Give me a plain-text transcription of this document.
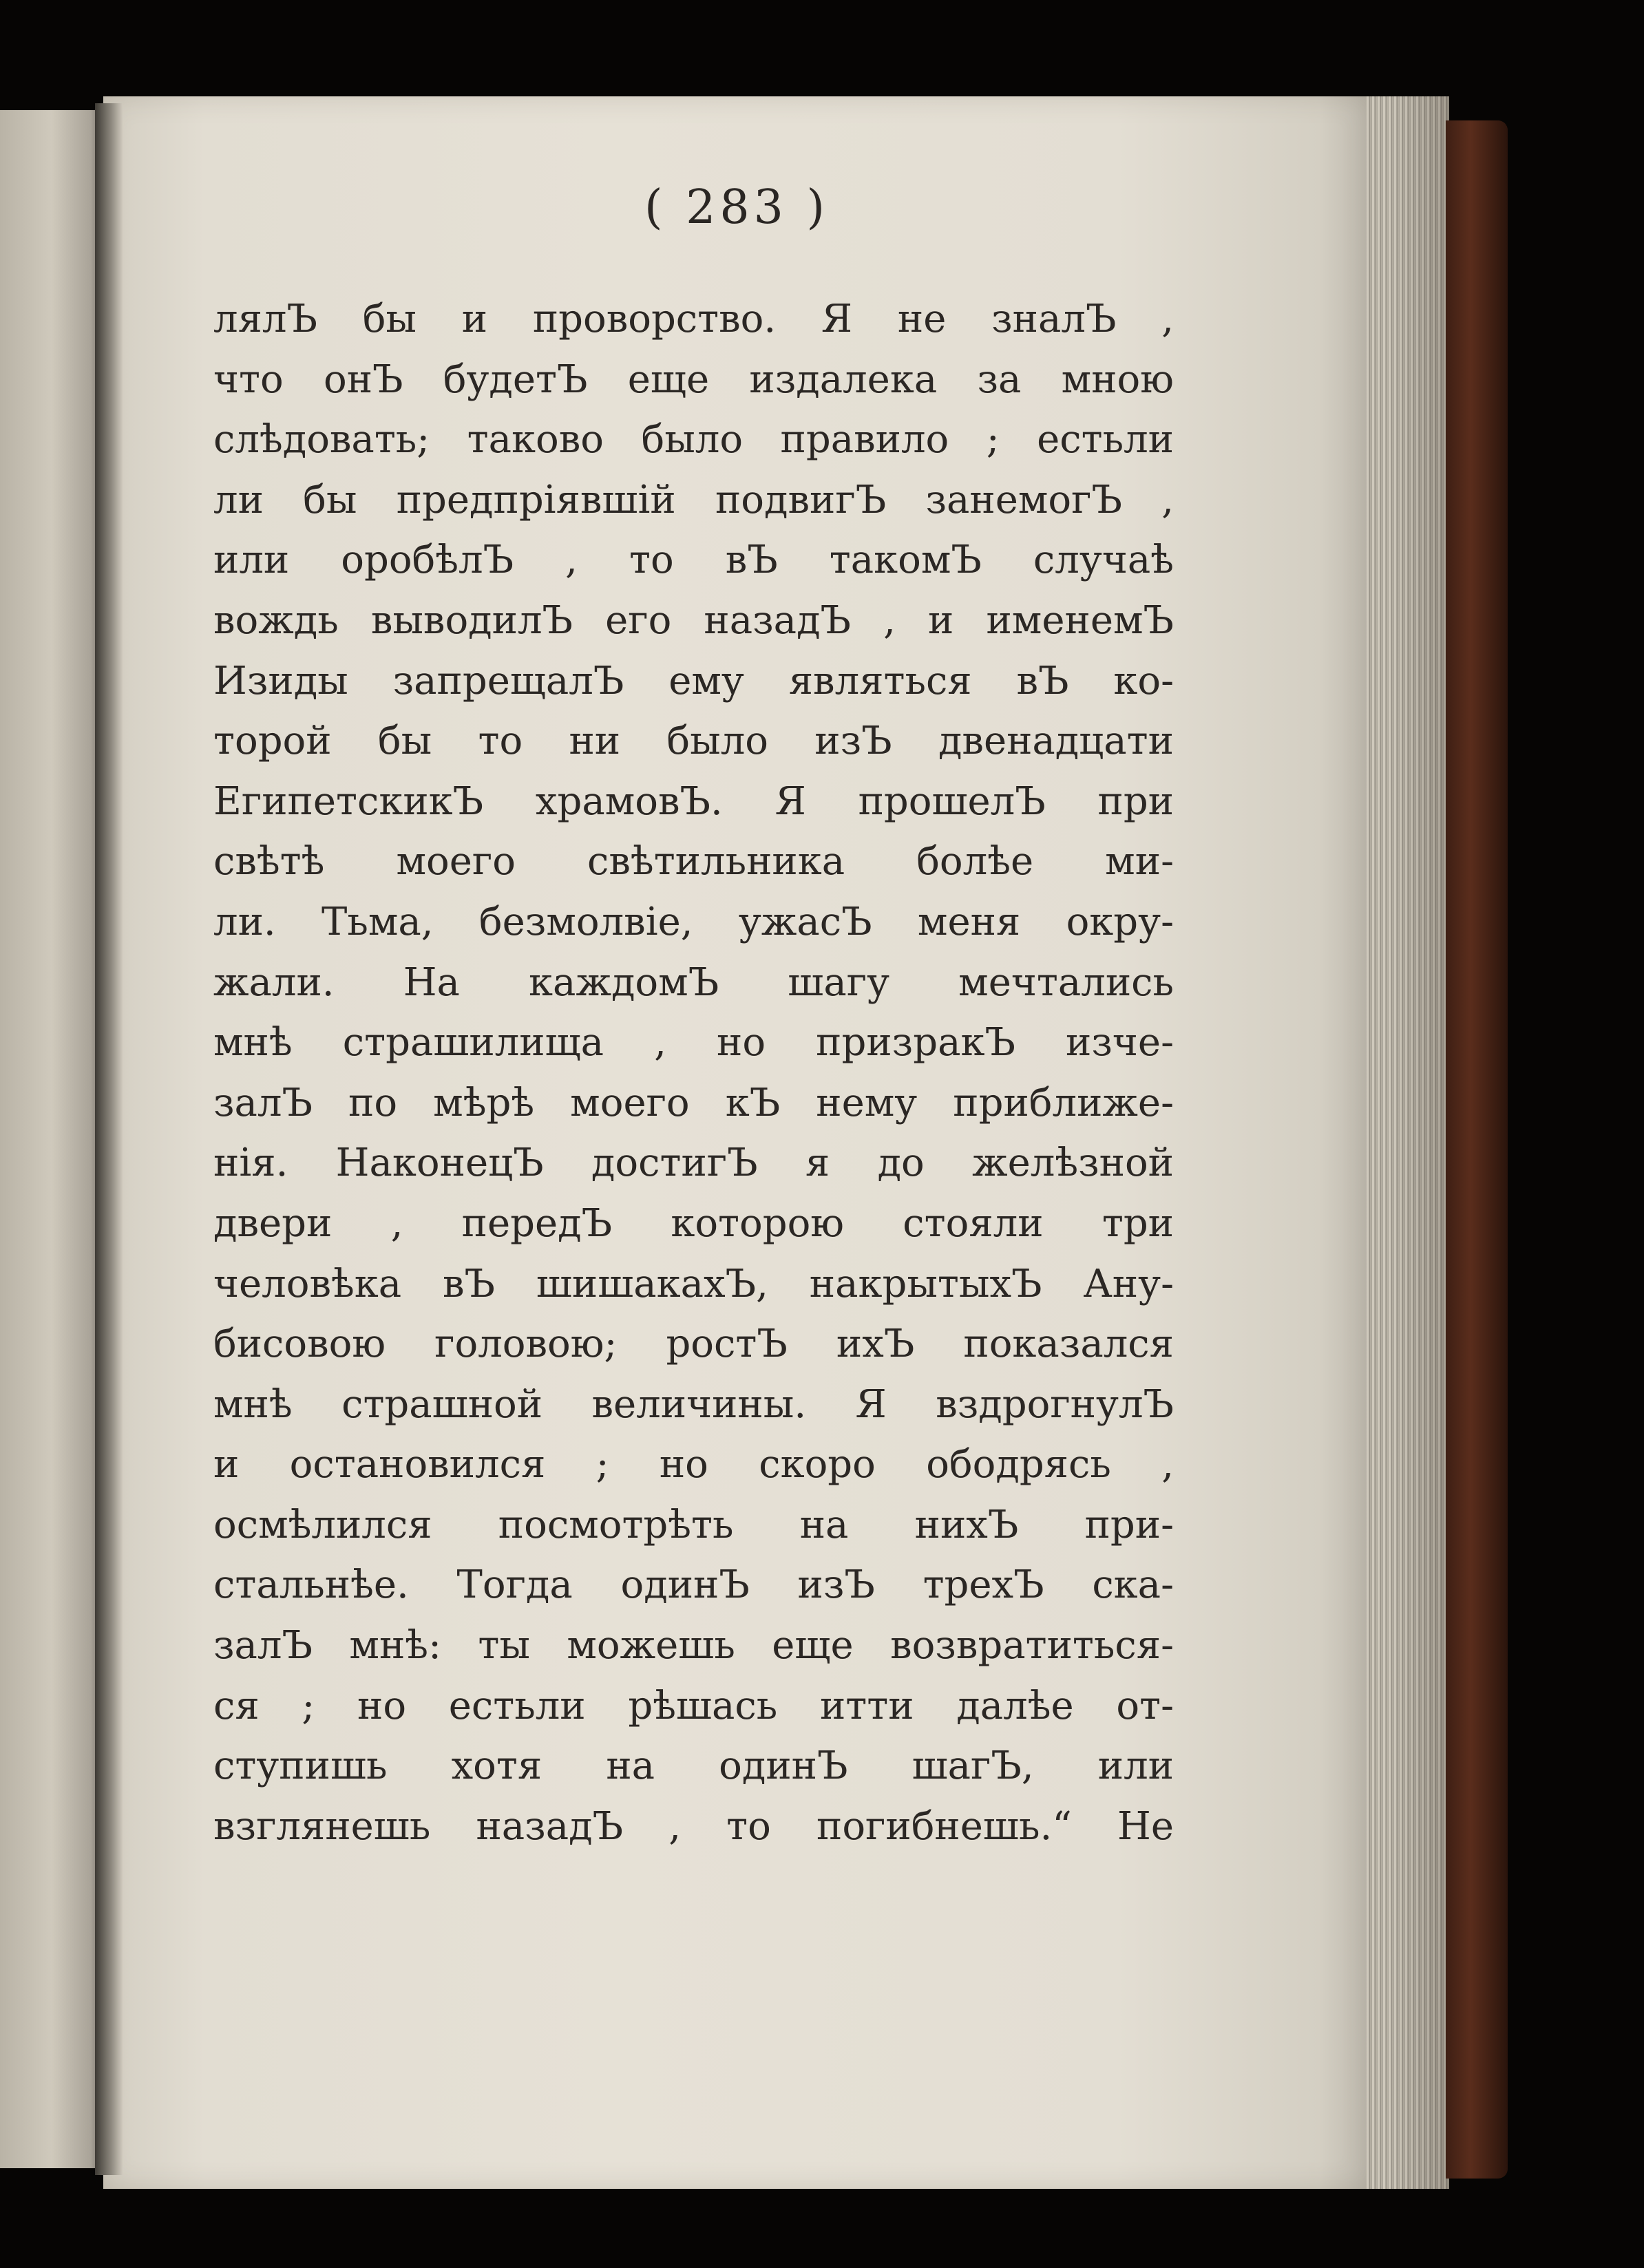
( 283 )
лялЪ бы и проворство. Я не зналЪ ,
что онЪ будетЪ еще издалека за мною
слѣдовать; таково было правило ; естьли
ли бы предпріявшій подвигЪ занемогЪ ,
или оробѣлЪ , то вЪ такомЪ случаѣ
вождь выводилЪ его назадЪ , и именемЪ
Изиды запрещалЪ ему являться вЪ ко-
торой бы то ни было изЪ двенадцати
ЕгипетскикЪ храмовЪ. Я прошелЪ при
свѣтѣ моего свѣтильника болѣе ми-
ли. Тьма, безмолвіе, ужасЪ меня окру-
жали. На каждомЪ шагу мечтались
мнѣ страшилища , но призракЪ изче-
залЪ по мѣрѣ моего кЪ нему приближе-
нія. НаконецЪ достигЪ я до желѣзной
двери , передЪ которою стояли три
человѣка вЪ шишакахЪ, накрытыхЪ Ану-
бисовою головою; ростЪ ихЪ показался
мнѣ страшной величины. Я вздрогнулЪ
и остановился ; но скоро ободрясь ,
осмѣлился посмотрѣть на нихЪ при-
стальнѣе. Тогда одинЪ изЪ трехЪ ска-
залЪ мнѣ: ты можешь еще возвратиться-
ся ; но естьли рѣшась итти далѣе от-
ступишь хотя на одинЪ шагЪ, или
взглянешь назадЪ , то погибнешь.“ Не
